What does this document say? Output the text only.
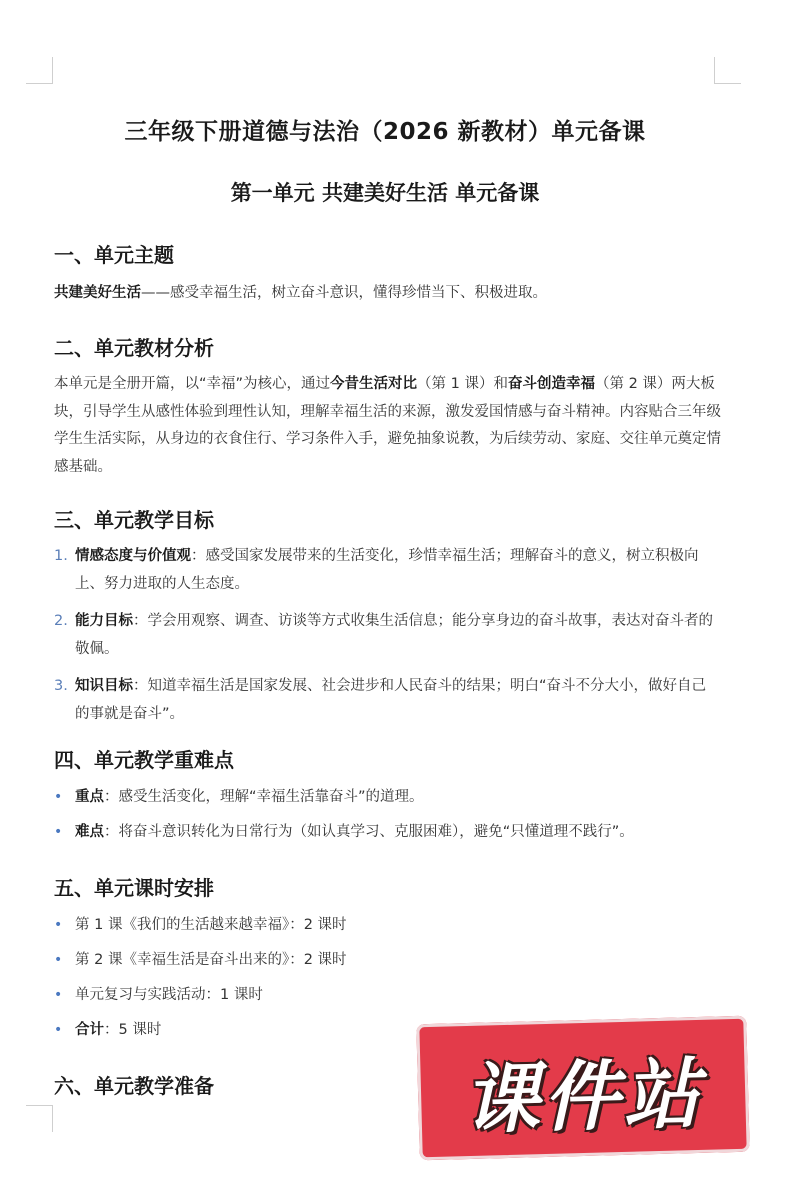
三年级下册道德与法治（2026 新教材）单元备课
第一单元 共建美好生活 单元备课
一、单元主题

共建美好生活——感受幸福生活，树立奋斗意识，懂得珍惜当下、积极进取。

二、单元教材分析

本单元是全册开篇，以“幸福”为核心，通过今昔生活对比（第 1 课）和奋斗创造幸福（第 2 课）两大板块，引导学生从感性体验到理性认知，理解幸福生活的来源，激发爱国情感与奋斗精神。内容贴合三年级学生生活实际，从身边的衣食住行、学习条件入手，避免抽象说教，为后续劳动、家庭、交往单元奠定情感基础。

三、单元教学目标
1. 情感态度与价值观：感受国家发展带来的生活变化，珍惜幸福生活；理解奋斗的意义，树立积极向上、努力进取的人生态度。
2. 能力目标：学会用观察、调查、访谈等方式收集生活信息；能分享身边的奋斗故事，表达对奋斗者的敬佩。
3. 知识目标：知道幸福生活是国家发展、社会进步和人民奋斗的结果；明白“奋斗不分大小，做好自己的事就是奋斗”。
四、单元教学重难点
• 重点：感受生活变化，理解“幸福生活靠奋斗”的道理。
• 难点：将奋斗意识转化为日常行为（如认真学习、克服困难），避免“只懂道理不践行”。
五、单元课时安排
• 第 1 课《我们的生活越来越幸福》：2 课时
• 第 2 课《幸福生活是奋斗出来的》：2 课时
• 单元复习与实践活动：1 课时
• 合计：5 课时
六、单元教学准备	课件站
